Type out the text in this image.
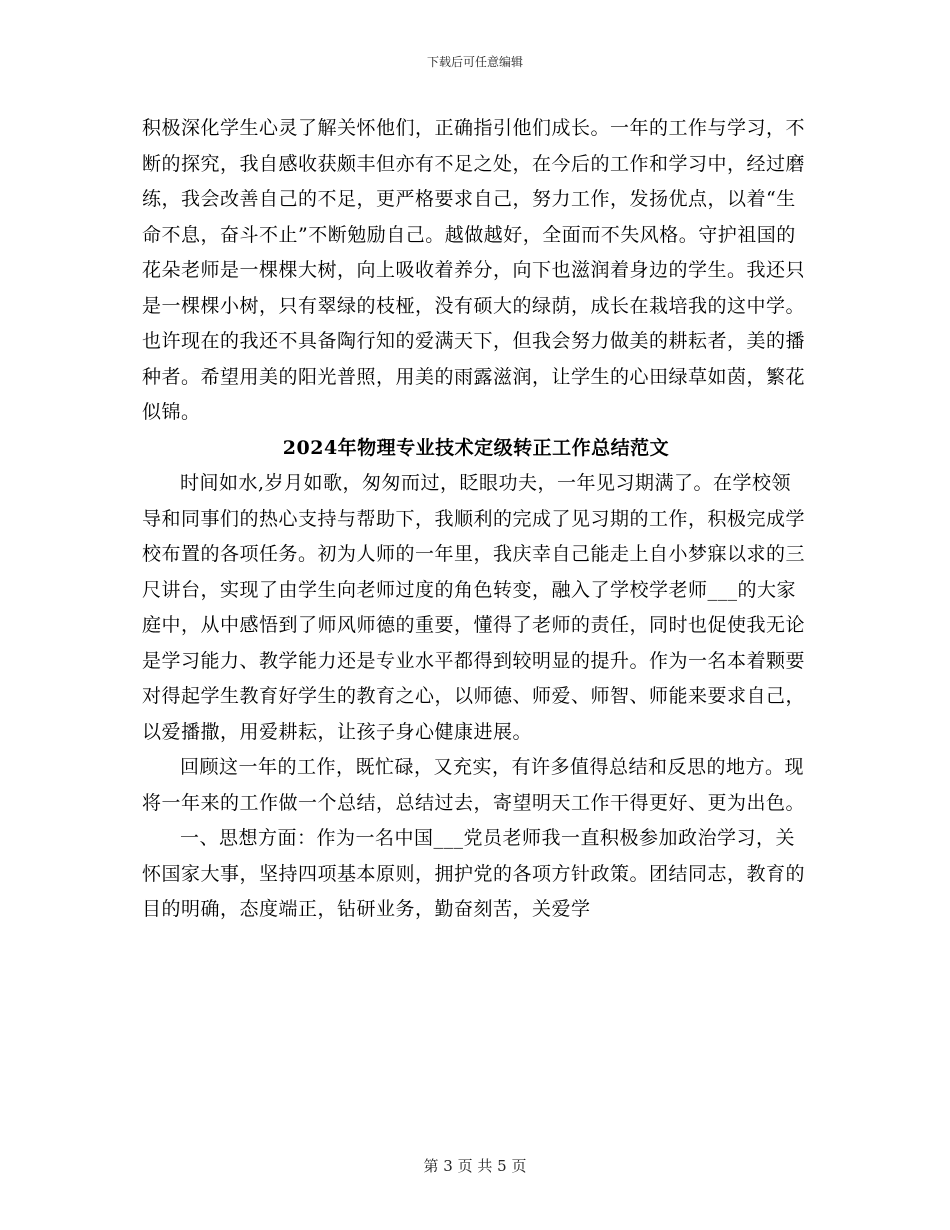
下载后可任意编辑

积极深化学生心灵了解关怀他们，正确指引他们成长。一年的工作与学习，不断的探究，我自感收获颇丰但亦有不足之处，在今后的工作和学习中，经过磨练，我会改善自己的不足，更严格要求自己，努力工作，发扬优点，以着“生命不息，奋斗不止”不断勉励自己。越做越好，全面而不失风格。守护祖国的花朵老师是一棵棵大树，向上吸收着养分，向下也滋润着身边的学生。我还只是一棵棵小树，只有翠绿的枝桠，没有硕大的绿荫，成长在栽培我的这中学。也许现在的我还不具备陶行知的爱满天下，但我会努力做美的耕耘者，美的播种者。希望用美的阳光普照，用美的雨露滋润，让学生的心田绿草如茵，繁花似锦。

2024年物理专业技术定级转正工作总结范文

时间如水,岁月如歌，匆匆而过，眨眼功夫，一年见习期满了。在学校领导和同事们的热心支持与帮助下，我顺利的完成了见习期的工作，积极完成学校布置的各项任务。初为人师的一年里，我庆幸自己能走上自小梦寐以求的三尺讲台，实现了由学生向老师过度的角色转变，融入了学校学老师___的大家庭中，从中感悟到了师风师德的重要，懂得了老师的责任，同时也促使我无论是学习能力、教学能力还是专业水平都得到较明显的提升。作为一名本着颗要对得起学生教育好学生的教育之心，以师德、师爱、师智、师能来要求自己，以爱播撒，用爱耕耘，让孩子身心健康进展。

回顾这一年的工作，既忙碌，又充实，有许多值得总结和反思的地方。现将一年来的工作做一个总结，总结过去，寄望明天工作干得更好、更为出色。

一、思想方面：作为一名中国___党员老师我一直积极参加政治学习，关怀国家大事，坚持四项基本原则，拥护党的各项方针政策。团结同志，教育的目的明确，态度端正，钻研业务，勤奋刻苦，关爱学

第 3 页 共 5 页
